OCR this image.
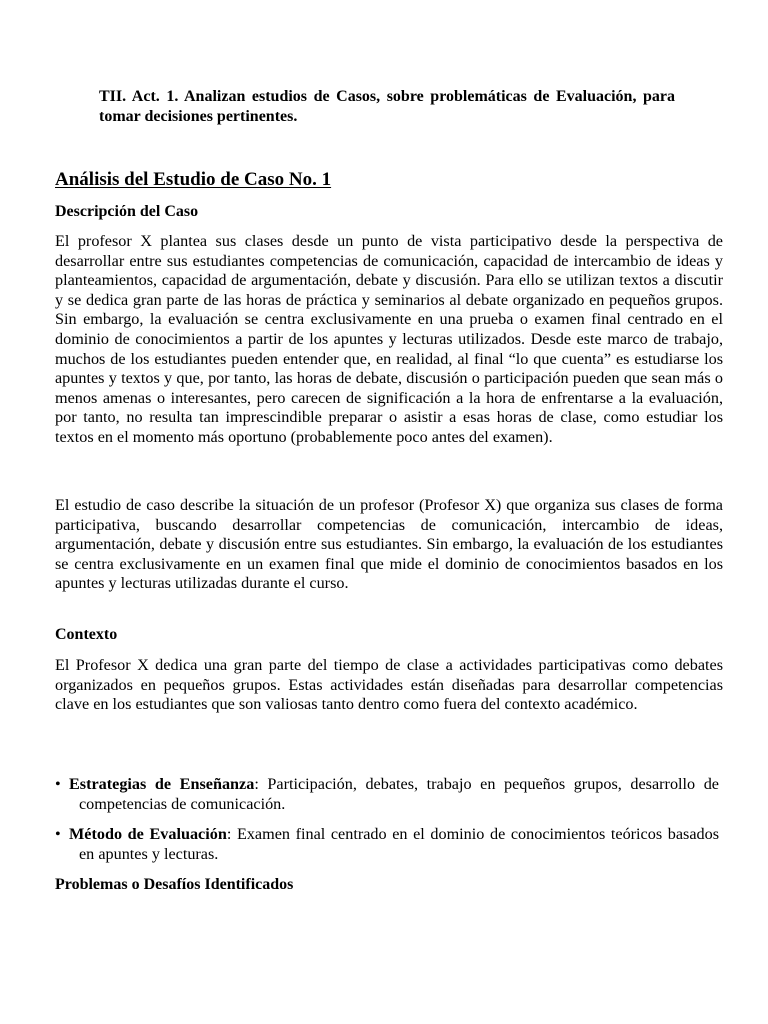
TII. Act. 1. Analizan estudios de Casos, sobre problemáticas de Evaluación, para tomar decisiones pertinentes.
Análisis del Estudio de Caso No. 1
Descripción del Caso
El profesor X plantea sus clases desde un punto de vista participativo desde la perspectiva de desarrollar entre sus estudiantes competencias de comunicación, capacidad de intercambio de ideas y planteamientos, capacidad de argumentación, debate y discusión. Para ello se utilizan textos a discutir y se dedica gran parte de las horas de práctica y seminarios al debate organizado en pequeños grupos. Sin embargo, la evaluación se centra exclusivamente en una prueba o examen final centrado en el dominio de conocimientos a partir de los apuntes y lecturas utilizados. Desde este marco de trabajo, muchos de los estudiantes pueden entender que, en realidad, al final “lo que cuenta” es estudiarse los apuntes y textos y que, por tanto, las horas de debate, discusión o participación pueden que sean más o menos amenas o interesantes, pero carecen de significación a la hora de enfrentarse a la evaluación, por tanto, no resulta tan imprescindible preparar o asistir a esas horas de clase, como estudiar los textos en el momento más oportuno (probablemente poco antes del examen).
El estudio de caso describe la situación de un profesor (Profesor X) que organiza sus clases de forma participativa, buscando desarrollar competencias de comunicación, intercambio de ideas, argumentación, debate y discusión entre sus estudiantes. Sin embargo, la evaluación de los estudiantes se centra exclusivamente en un examen final que mide el dominio de conocimientos basados en los apuntes y lecturas utilizadas durante el curso.
Contexto
El Profesor X dedica una gran parte del tiempo de clase a actividades participativas como debates organizados en pequeños grupos. Estas actividades están diseñadas para desarrollar competencias clave en los estudiantes que son valiosas tanto dentro como fuera del contexto académico.
• Estrategias de Enseñanza: Participación, debates, trabajo en pequeños grupos, desarrollo de competencias de comunicación.
• Método de Evaluación: Examen final centrado en el dominio de conocimientos teóricos basados en apuntes y lecturas.
Problemas o Desafíos Identificados
